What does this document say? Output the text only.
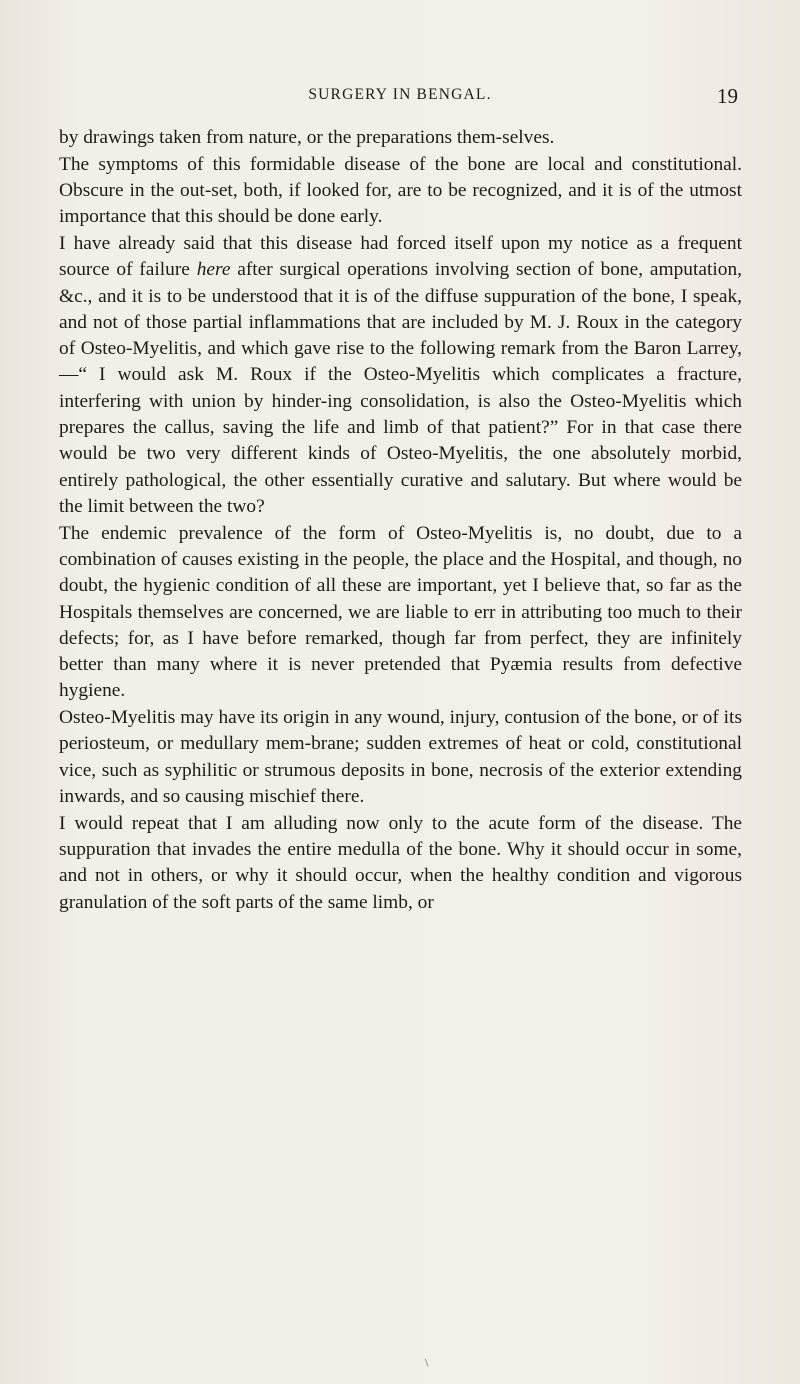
SURGERY IN BENGAL.	19

by drawings taken from nature, or the preparations them-selves.

The symptoms of this formidable disease of the bone are local and constitutional. Obscure in the out-set, both, if looked for, are to be recognized, and it is of the utmost importance that this should be done early.

I have already said that this disease had forced itself upon my notice as a frequent source of failure here after surgical operations involving section of bone, amputation, &c., and it is to be understood that it is of the diffuse suppuration of the bone, I speak, and not of those partial inflammations that are included by M. J. Roux in the category of Osteo-Myelitis, and which gave rise to the following remark from the Baron Larrey,—“ I would ask M. Roux if the Osteo-Myelitis which complicates a fracture, interfering with union by hinder-ing consolidation, is also the Osteo-Myelitis which prepares the callus, saving the life and limb of that patient?” For in that case there would be two very different kinds of Osteo-Myelitis, the one absolutely morbid, entirely pathological, the other essentially curative and salutary. But where would be the limit between the two?

The endemic prevalence of the form of Osteo-Myelitis is, no doubt, due to a combination of causes existing in the people, the place and the Hospital, and though, no doubt, the hygienic condition of all these are important, yet I believe that, so far as the Hospitals themselves are concerned, we are liable to err in attributing too much to their defects; for, as I have before remarked, though far from perfect, they are infinitely better than many where it is never pretended that Pyæmia results from defective hygiene.

Osteo-Myelitis may have its origin in any wound, injury, contusion of the bone, or of its periosteum, or medullary mem-brane; sudden extremes of heat or cold, constitutional vice, such as syphilitic or strumous deposits in bone, necrosis of the exterior extending inwards, and so causing mischief there.

I would repeat that I am alluding now only to the acute form of the disease. The suppuration that invades the entire medulla of the bone. Why it should occur in some, and not in others, or why it should occur, when the healthy condition and vigorous granulation of the soft parts of the same limb, or
